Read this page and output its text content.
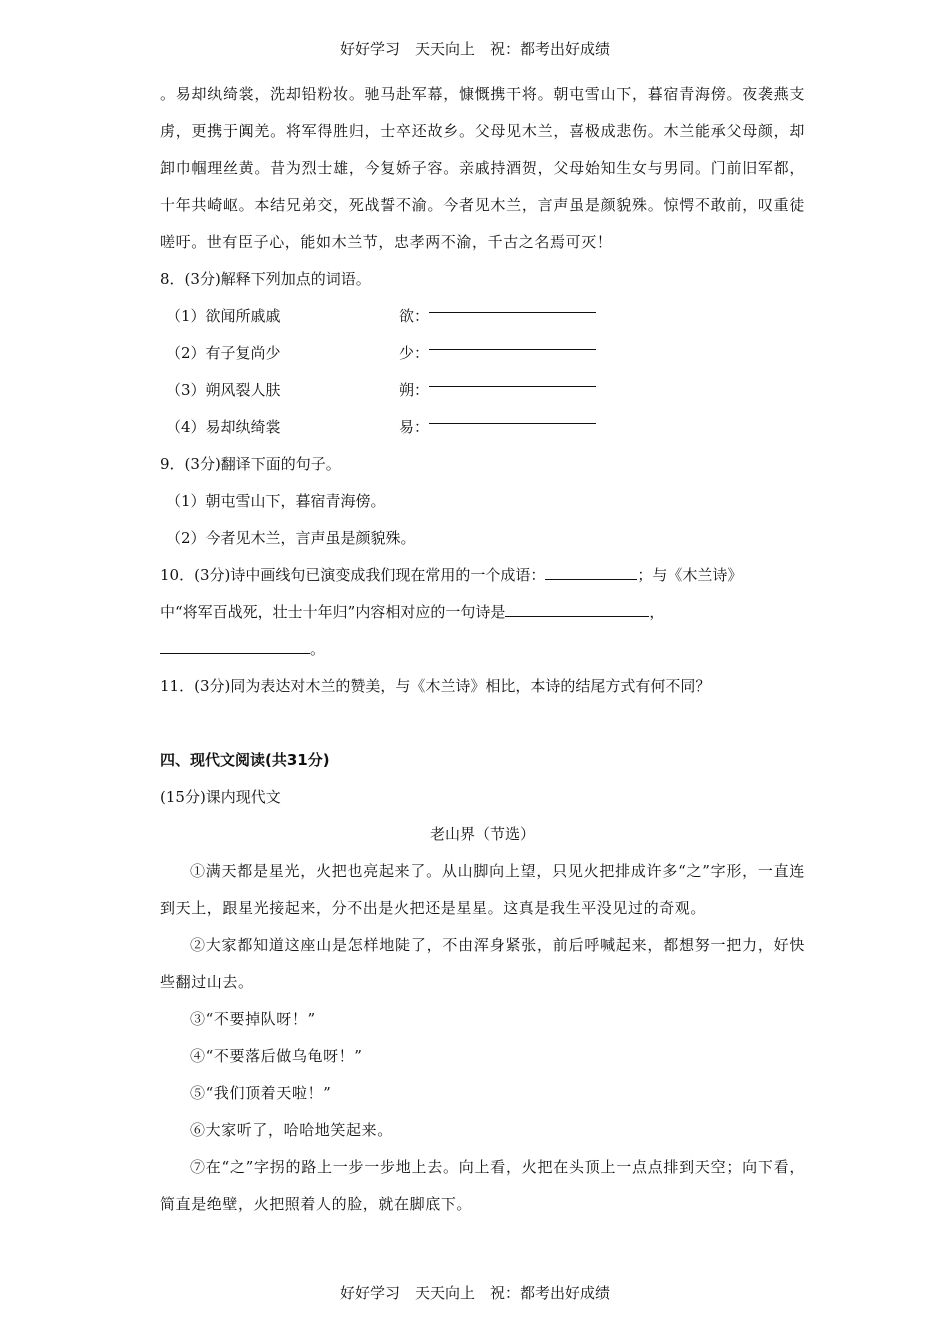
好好学习　天天向上　祝：都考出好成绩

。易却纨绮裳，洗却铅粉妆。驰马赴军幕，慷慨携干将。朝屯雪山下，暮宿青海傍。夜袭燕支虏，更携于阗羌。将军得胜归，士卒还故乡。父母见木兰，喜极成悲伤。木兰能承父母颜，却卸巾帼理丝黄。昔为烈士雄，今复娇子容。亲戚持酒贺，父母始知生女与男同。门前旧军都，十年共崎岖。本结兄弟交，死战誓不渝。今者见木兰，言声虽是颜貌殊。惊愕不敢前，叹重徒嗟吁。世有臣子心，能如木兰节，忠孝两不渝，千古之名焉可灭！

8．(3分)解释下列加点的词语。
（1）欲闻所戚戚	欲：
（2）有子复尚少	少：
（3）朔风裂人肤	朔：
（4）易却纨绮裳	易：
9．(3分)翻译下面的句子。
（1）朝屯雪山下，暮宿青海傍。
（2）今者见木兰，言声虽是颜貌殊。
10．(3分)诗中画线句已演变成我们现在常用的一个成语：	；与《木兰诗》
中“将军百战死，壮士十年归”内容相对应的一句诗是	，
。
11．(3分)同为表达对木兰的赞美，与《木兰诗》相比，本诗的结尾方式有何不同？
四、现代文阅读(共31分)
(15分)课内现代文
老山界（节选）

①满天都是星光，火把也亮起来了。从山脚向上望，只见火把排成许多“之”字形，一直连到天上，跟星光接起来，分不出是火把还是星星。这真是我生平没见过的奇观。

②大家都知道这座山是怎样地陡了，不由浑身紧张，前后呼喊起来，都想努一把力，好快些翻过山去。

③“不要掉队呀！”

④“不要落后做乌龟呀！”

⑤“我们顶着天啦！”

⑥大家听了，哈哈地笑起来。

⑦在“之”字拐的路上一步一步地上去。向上看，火把在头顶上一点点排到天空；向下看，简直是绝壁，火把照着人的脸，就在脚底下。

好好学习　天天向上　祝：都考出好成绩
